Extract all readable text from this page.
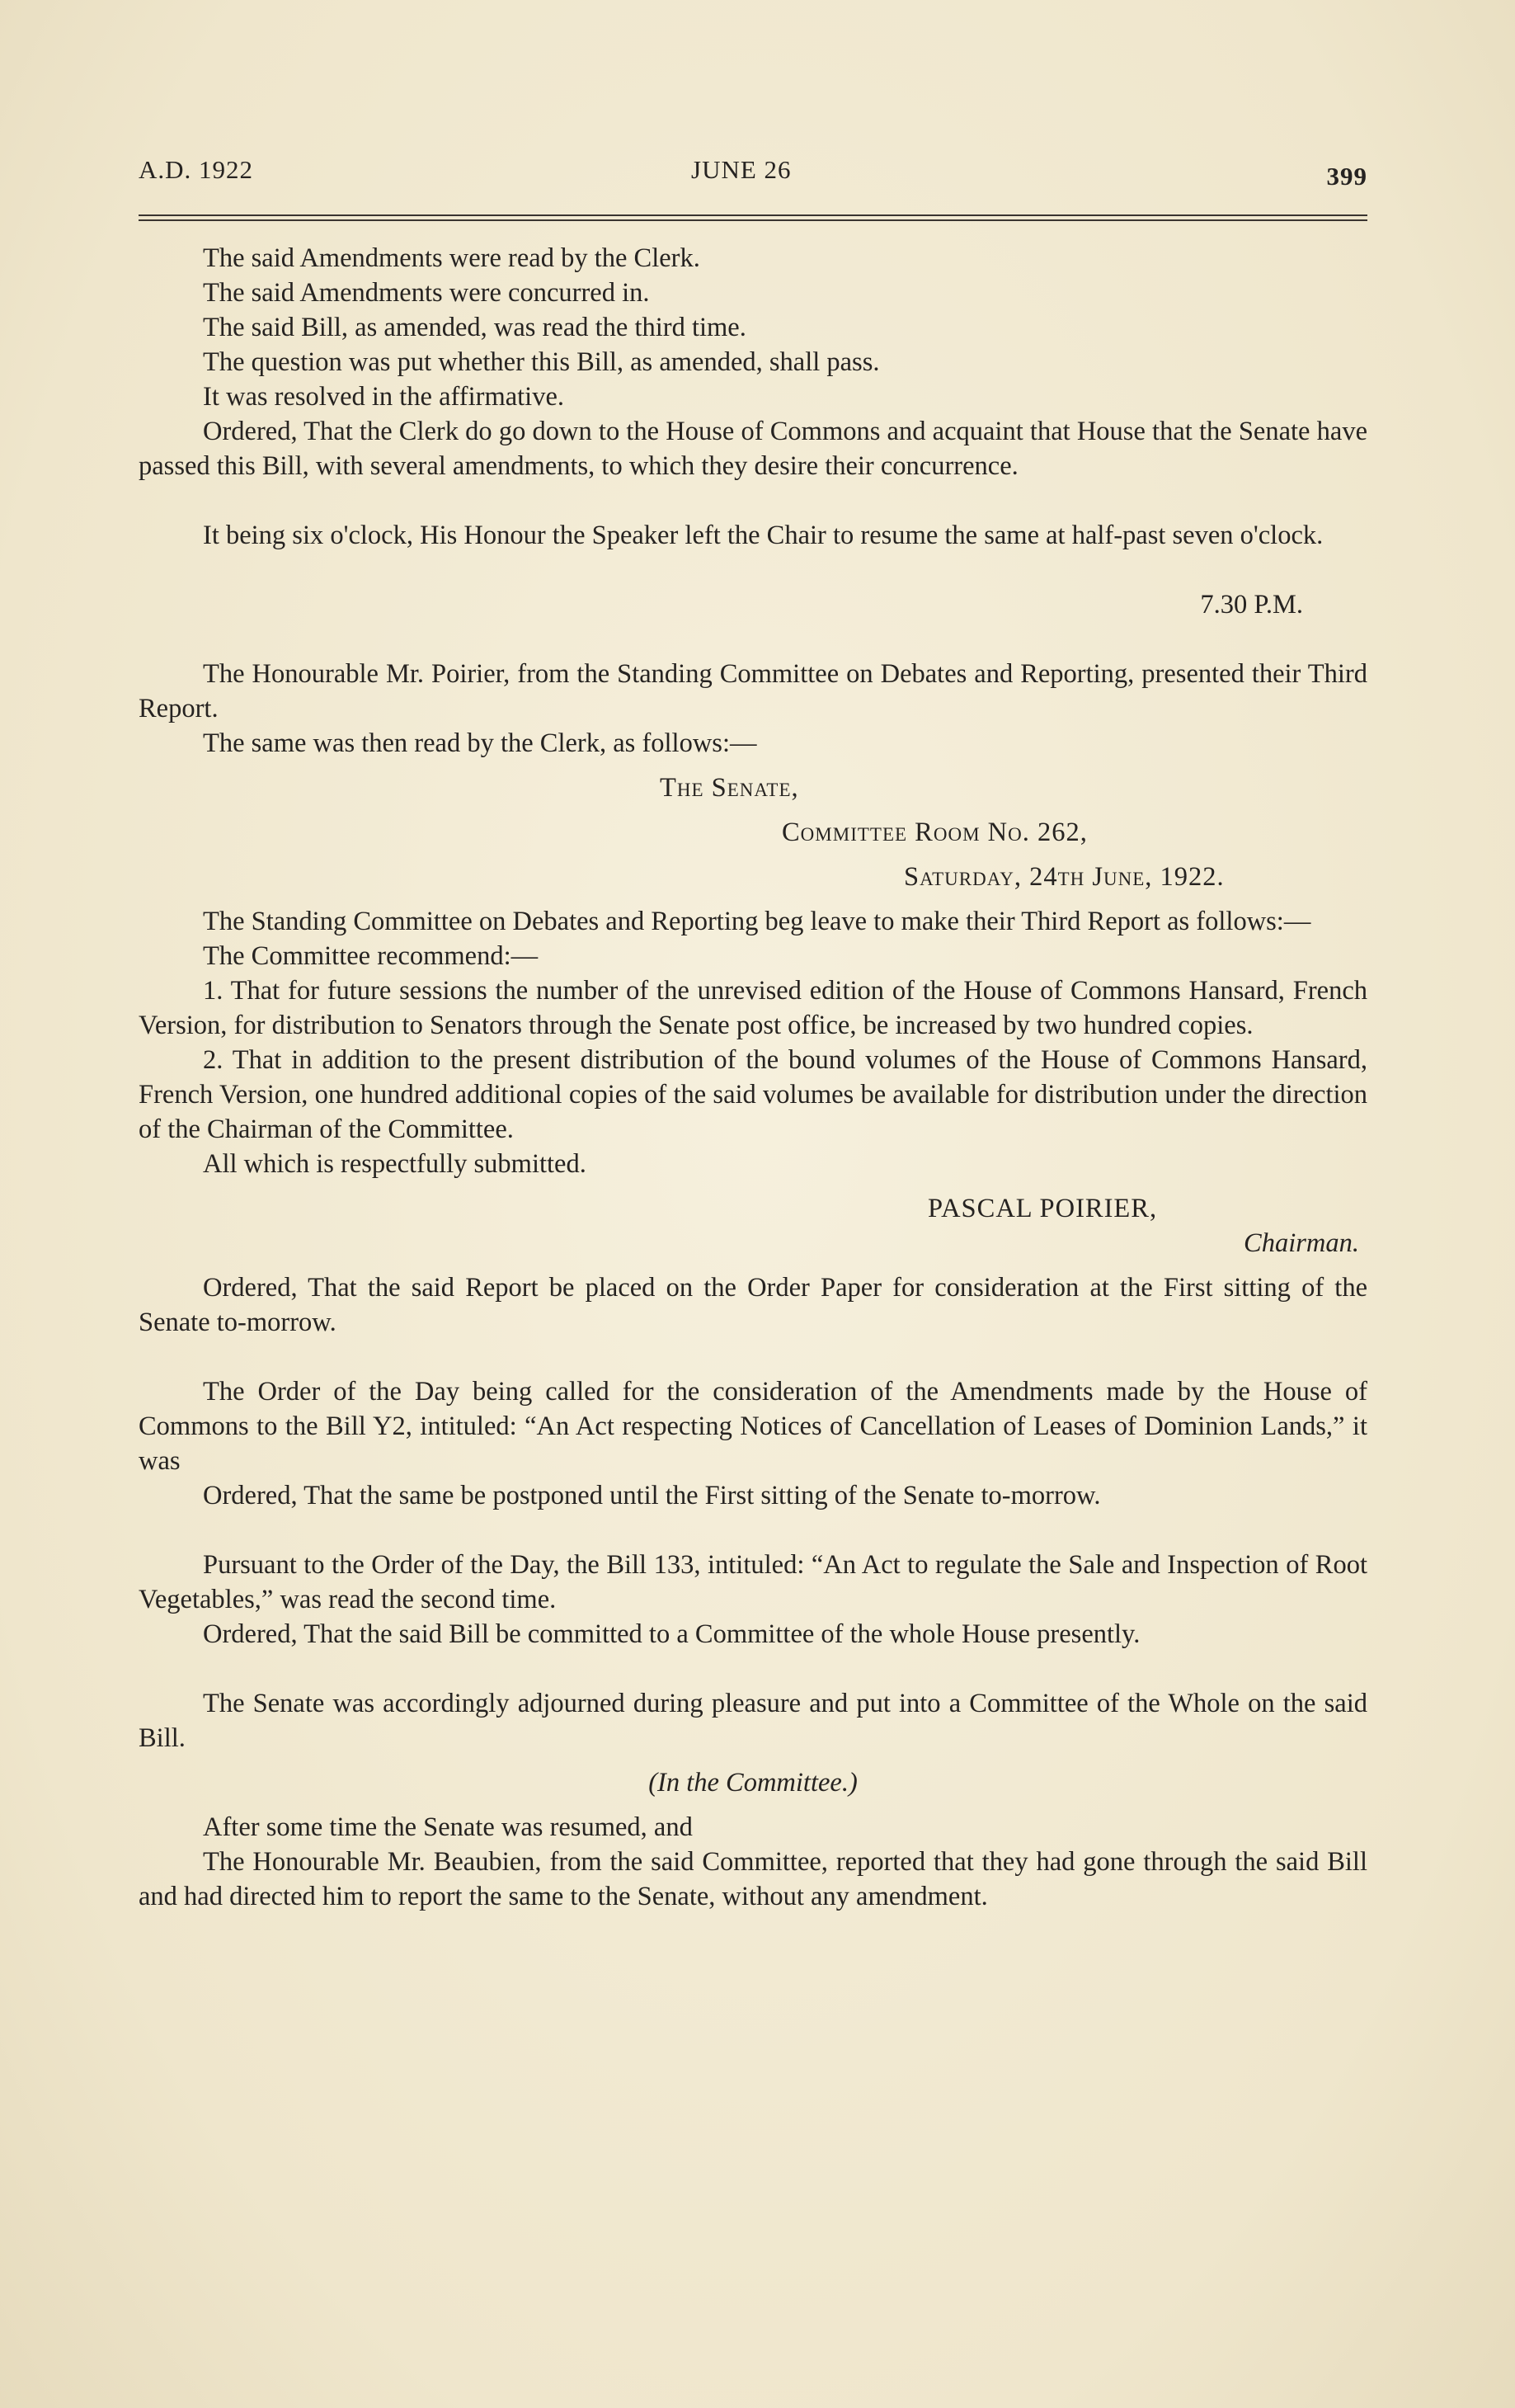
A.D. 1922	JUNE 26	399

The said Amendments were read by the Clerk.

The said Amendments were concurred in.

The said Bill, as amended, was read the third time.

The question was put whether this Bill, as amended, shall pass.

It was resolved in the affirmative.

Ordered, That the Clerk do go down to the House of Commons and acquaint that House that the Senate have passed this Bill, with several amendments, to which they desire their concurrence.

It being six o'clock, His Honour the Speaker left the Chair to resume the same at half-past seven o'clock.

7.30 P.M.

The Honourable Mr. Poirier, from the Standing Committee on Debates and Reporting, presented their Third Report.

The same was then read by the Clerk, as follows:—

The Senate,

Committee Room No. 262,

Saturday, 24th June, 1922.

The Standing Committee on Debates and Reporting beg leave to make their Third Report as follows:—

The Committee recommend:—

1. That for future sessions the number of the unrevised edition of the House of Commons Hansard, French Version, for distribution to Senators through the Senate post office, be increased by two hundred copies.

2. That in addition to the present distribution of the bound volumes of the House of Commons Hansard, French Version, one hundred additional copies of the said volumes be available for distribution under the direction of the Chairman of the Committee.

All which is respectfully submitted.

PASCAL POIRIER,

Chairman.

Ordered, That the said Report be placed on the Order Paper for consideration at the First sitting of the Senate to-morrow.

The Order of the Day being called for the consideration of the Amendments made by the House of Commons to the Bill Y2, intituled: “An Act respecting Notices of Cancellation of Leases of Dominion Lands,” it was

Ordered, That the same be postponed until the First sitting of the Senate to-morrow.

Pursuant to the Order of the Day, the Bill 133, intituled: “An Act to regulate the Sale and Inspection of Root Vegetables,” was read the second time.

Ordered, That the said Bill be committed to a Committee of the whole House presently.

The Senate was accordingly adjourned during pleasure and put into a Committee of the Whole on the said Bill.

(In the Committee.)

After some time the Senate was resumed, and

The Honourable Mr. Beaubien, from the said Committee, reported that they had gone through the said Bill and had directed him to report the same to the Senate, without any amendment.
